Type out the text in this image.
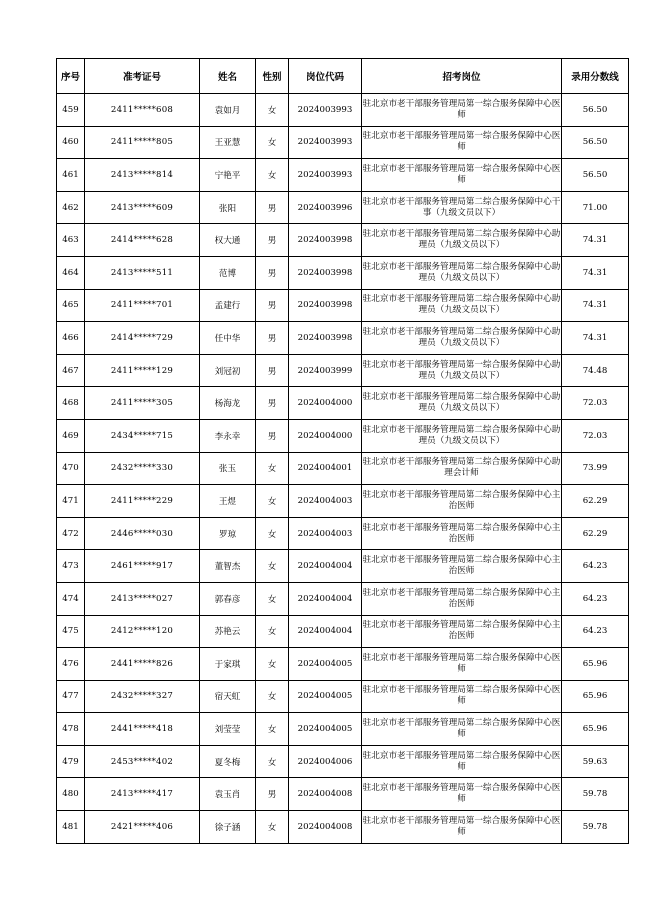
序号	准考证号	姓名	性别	岗位代码	招考岗位	录用分数线
459	2411*****608	袁如月	女	2024003993	驻北京市老干部服务管理局第一综合服务保障中心医师	56.50
460	2411*****805	王亚慧	女	2024003993	驻北京市老干部服务管理局第一综合服务保障中心医师	56.50
461	2413*****814	宁艳平	女	2024003993	驻北京市老干部服务管理局第一综合服务保障中心医师	56.50
462	2413*****609	张阳	男	2024003996	驻北京市老干部服务管理局第二综合服务保障中心干事（九级文员以下）	71.00
463	2414*****628	权大通	男	2024003998	驻北京市老干部服务管理局第二综合服务保障中心助理员（九级文员以下）	74.31
464	2413*****511	范博	男	2024003998	驻北京市老干部服务管理局第二综合服务保障中心助理员（九级文员以下）	74.31
465	2411*****701	孟建行	男	2024003998	驻北京市老干部服务管理局第二综合服务保障中心助理员（九级文员以下）	74.31
466	2414*****729	任中华	男	2024003998	驻北京市老干部服务管理局第二综合服务保障中心助理员（九级文员以下）	74.31
467	2411*****129	刘冠初	男	2024003999	驻北京市老干部服务管理局第一综合服务保障中心助理员（九级文员以下）	74.48
468	2411*****305	杨海龙	男	2024004000	驻北京市老干部服务管理局第二综合服务保障中心助理员（九级文员以下）	72.03
469	2434*****715	李永幸	男	2024004000	驻北京市老干部服务管理局第二综合服务保障中心助理员（九级文员以下）	72.03
470	2432*****330	张玉	女	2024004001	驻北京市老干部服务管理局第二综合服务保障中心助理会计师	73.99
471	2411*****229	王煜	女	2024004003	驻北京市老干部服务管理局第二综合服务保障中心主治医师	62.29
472	2446*****030	罗琼	女	2024004003	驻北京市老干部服务管理局第二综合服务保障中心主治医师	62.29
473	2461*****917	董智杰	女	2024004004	驻北京市老干部服务管理局第二综合服务保障中心主治医师	64.23
474	2413*****027	郭春彦	女	2024004004	驻北京市老干部服务管理局第二综合服务保障中心主治医师	64.23
475	2412*****120	苏艳云	女	2024004004	驻北京市老干部服务管理局第二综合服务保障中心主治医师	64.23
476	2441*****826	于家琪	女	2024004005	驻北京市老干部服务管理局第二综合服务保障中心医师	65.96
477	2432*****327	宿天虹	女	2024004005	驻北京市老干部服务管理局第二综合服务保障中心医师	65.96
478	2441*****418	刘莹莹	女	2024004005	驻北京市老干部服务管理局第二综合服务保障中心医师	65.96
479	2453*****402	夏冬梅	女	2024004006	驻北京市老干部服务管理局第二综合服务保障中心医师	59.63
480	2413*****417	袁玉肖	男	2024004008	驻北京市老干部服务管理局第一综合服务保障中心医师	59.78
481	2421*****406	徐子涵	女	2024004008	驻北京市老干部服务管理局第一综合服务保障中心医师	59.78
